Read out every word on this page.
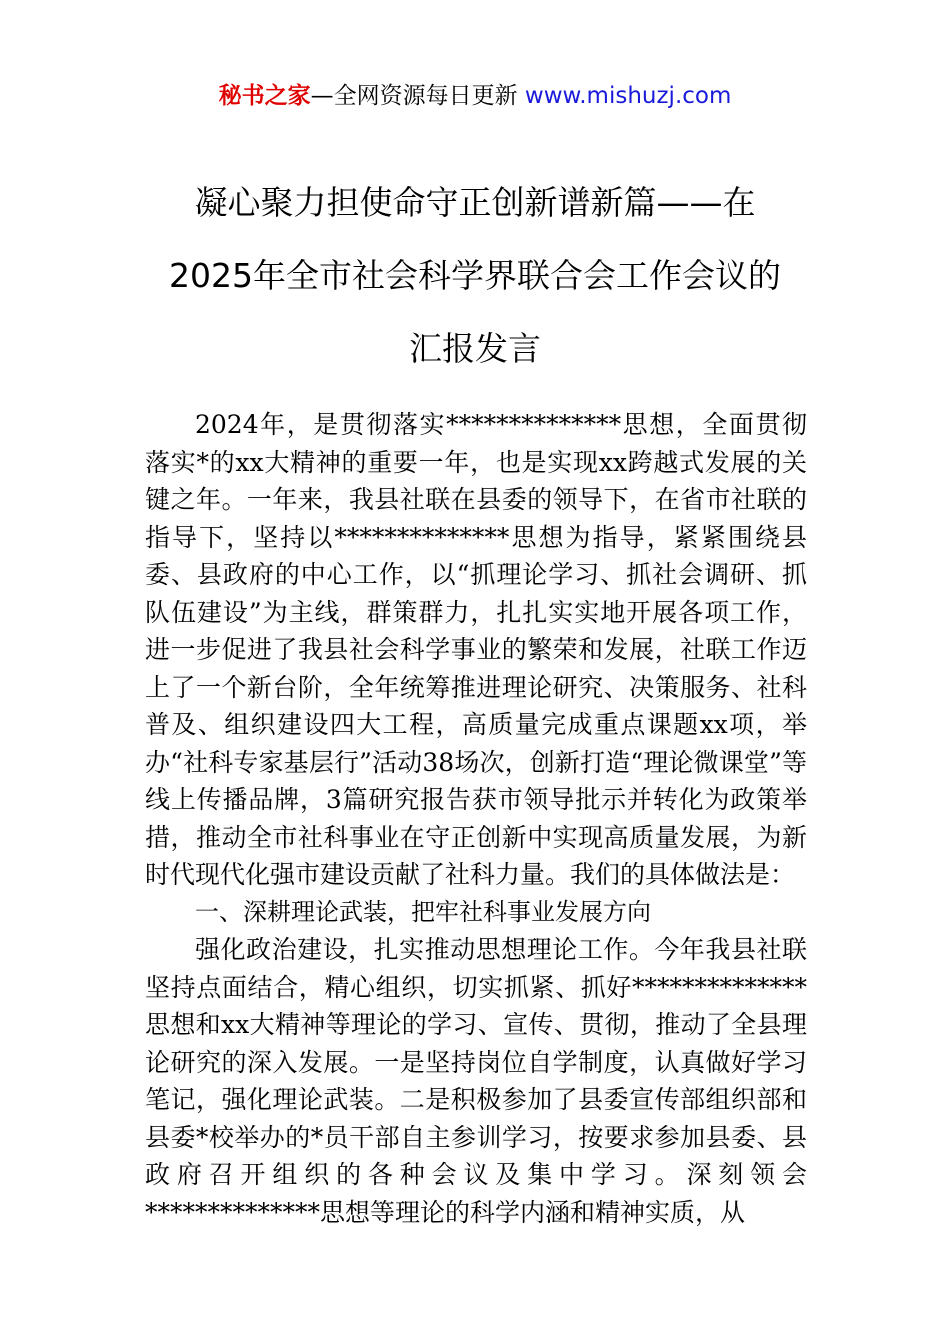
秘书之家—全网资源每日更新 www.mishuzj.com
凝心聚力担使命守正创新谱新篇——在
2025年全市社会科学界联合会工作会议的
汇报发言

2024年，是贯彻落实**************思想，全面贯彻落实*的xx大精神的重要一年，也是实现xx跨越式发展的关键之年。一年来，我县社联在县委的领导下，在省市社联的指导下，坚持以**************思想为指导，紧紧围绕县委、县政府的中心工作，以“抓理论学习、抓社会调研、抓队伍建设”为主线，群策群力，扎扎实实地开展各项工作，进一步促进了我县社会科学事业的繁荣和发展，社联工作迈上了一个新台阶，全年统筹推进理论研究、决策服务、社科普及、组织建设四大工程，高质量完成重点课题xx项，举办“社科专家基层行”活动38场次，创新打造“理论微课堂”等线上传播品牌，3篇研究报告获市领导批示并转化为政策举措，推动全市社科事业在守正创新中实现高质量发展，为新时代现代化强市建设贡献了社科力量。我们的具体做法是：

一、深耕理论武装，把牢社科事业发展方向

强化政治建设，扎实推动思想理论工作。今年我县社联坚持点面结合，精心组织，切实抓紧、抓好**************思想和xx大精神等理论的学习、宣传、贯彻，推动了全县理论研究的深入发展。一是坚持岗位自学制度，认真做好学习笔记，强化理论武装。二是积极参加了县委宣传部组织部和县委*校举办的*员干部自主参训学习，按要求参加县委、县政府召开组织的各种会议及集中学习。深刻领会**************思想等理论的科学内涵和精神实质，从
